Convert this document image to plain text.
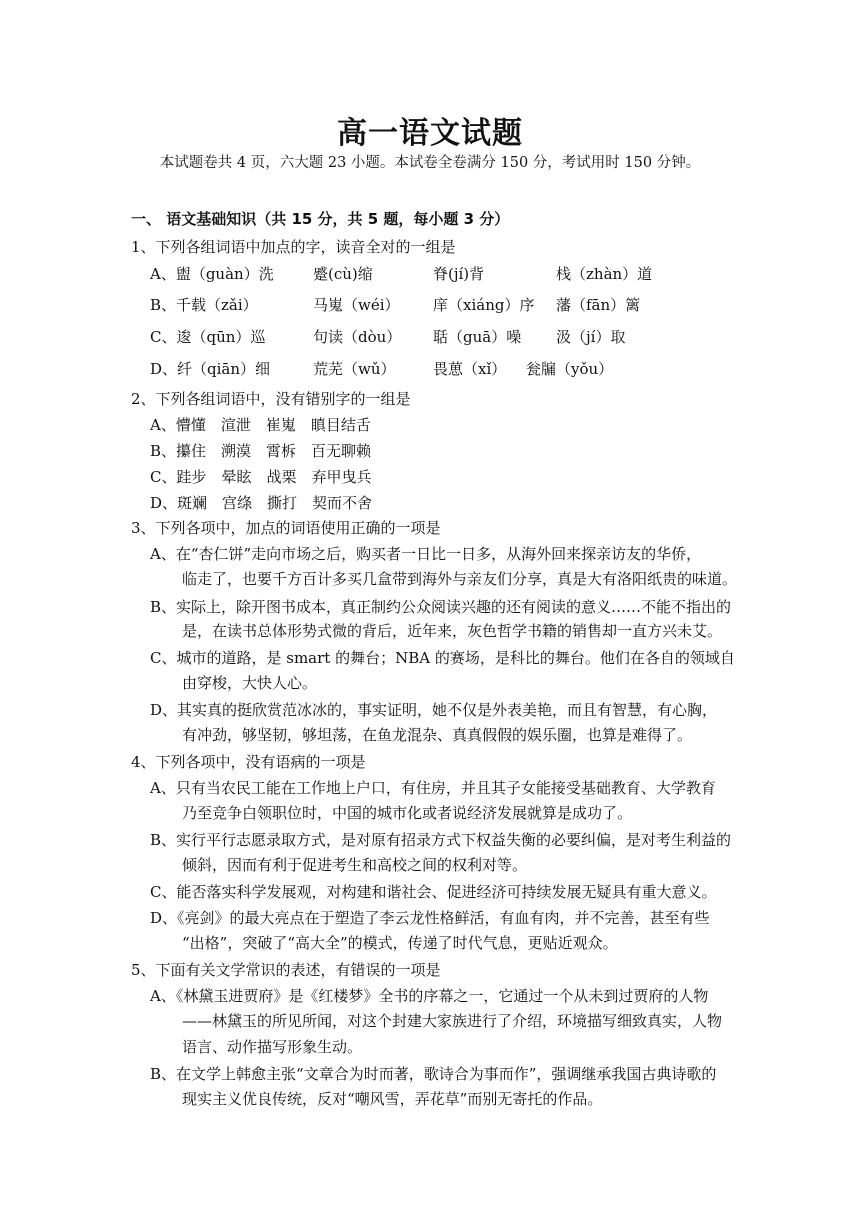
高一语文试题
本试题卷共 4 页，六大题 23 小题。本试卷全卷满分 150 分，考试用时 150 分钟。
一、 语文基础知识（共 15 分，共 5 题，每小题 3 分）
1、下列各组词语中加点的字，读音全对的一组是
A、盥（guàn）洗	蹙(cù)缩	脊(jí)背	栈（zhàn）道
B、千载（zǎi）	马嵬（wéi） 庠（xiáng）序 藩（fān）篱
C、逡（qūn）巡	句读（dòu） 聒（guā）噪 汲（jí）取
D、纤（qiān）细	荒芜（wǔ） 畏葸（xǐ） 瓮牖（yǒu）
2、下列各组词语中，没有错别字的一组是
A、懵懂　渲泄　崔嵬　瞋目结舌
B、攥住　溯漠　霄柝　百无聊赖
C、跬步　晕眩　战栗　弃甲曳兵
D、斑斓　宫绦　撕打　契而不舍
3、下列各项中，加点的词语使用正确的一项是
A、在“杏仁饼”走向市场之后，购买者一日比一日多，从海外回来探亲访友的华侨，
临走了，也要千方百计多买几盒带到海外与亲友们分享，真是大有洛阳纸贵的味道。
B、实际上，除开图书成本，真正制约公众阅读兴趣的还有阅读的意义……不能不指出的
是，在读书总体形势式微的背后，近年来，灰色哲学书籍的销售却一直方兴未艾。
C、城市的道路，是 smart 的舞台；NBA 的赛场，是科比的舞台。他们在各自的领域自
由穿梭，大快人心。
D、其实真的挺欣赏范冰冰的，事实证明，她不仅是外表美艳，而且有智慧，有心胸，
有冲劲，够坚韧，够坦荡，在鱼龙混杂、真真假假的娱乐圈，也算是难得了。
4、下列各项中，没有语病的一项是
A、只有当农民工能在工作地上户口，有住房，并且其子女能接受基础教育、大学教育
乃至竞争白领职位时，中国的城市化或者说经济发展就算是成功了。
B、实行平行志愿录取方式，是对原有招录方式下权益失衡的必要纠偏，是对考生利益的
倾斜，因而有利于促进考生和高校之间的权利对等。
C、能否落实科学发展观，对构建和谐社会、促进经济可持续发展无疑具有重大意义。
D、《亮剑》的最大亮点在于塑造了李云龙性格鲜活，有血有肉，并不完善，甚至有些
“出格”，突破了“高大全”的模式，传递了时代气息，更贴近观众。
5、下面有关文学常识的表述，有错误的一项是
A、《林黛玉进贾府》是《红楼梦》全书的序幕之一，它通过一个从未到过贾府的人物
——林黛玉的所见所闻，对这个封建大家族进行了介绍，环境描写细致真实，人物
语言、动作描写形象生动。
B、在文学上韩愈主张“文章合为时而著，歌诗合为事而作”，强调继承我国古典诗歌的
现实主义优良传统，反对“嘲风雪，弄花草”而别无寄托的作品。
